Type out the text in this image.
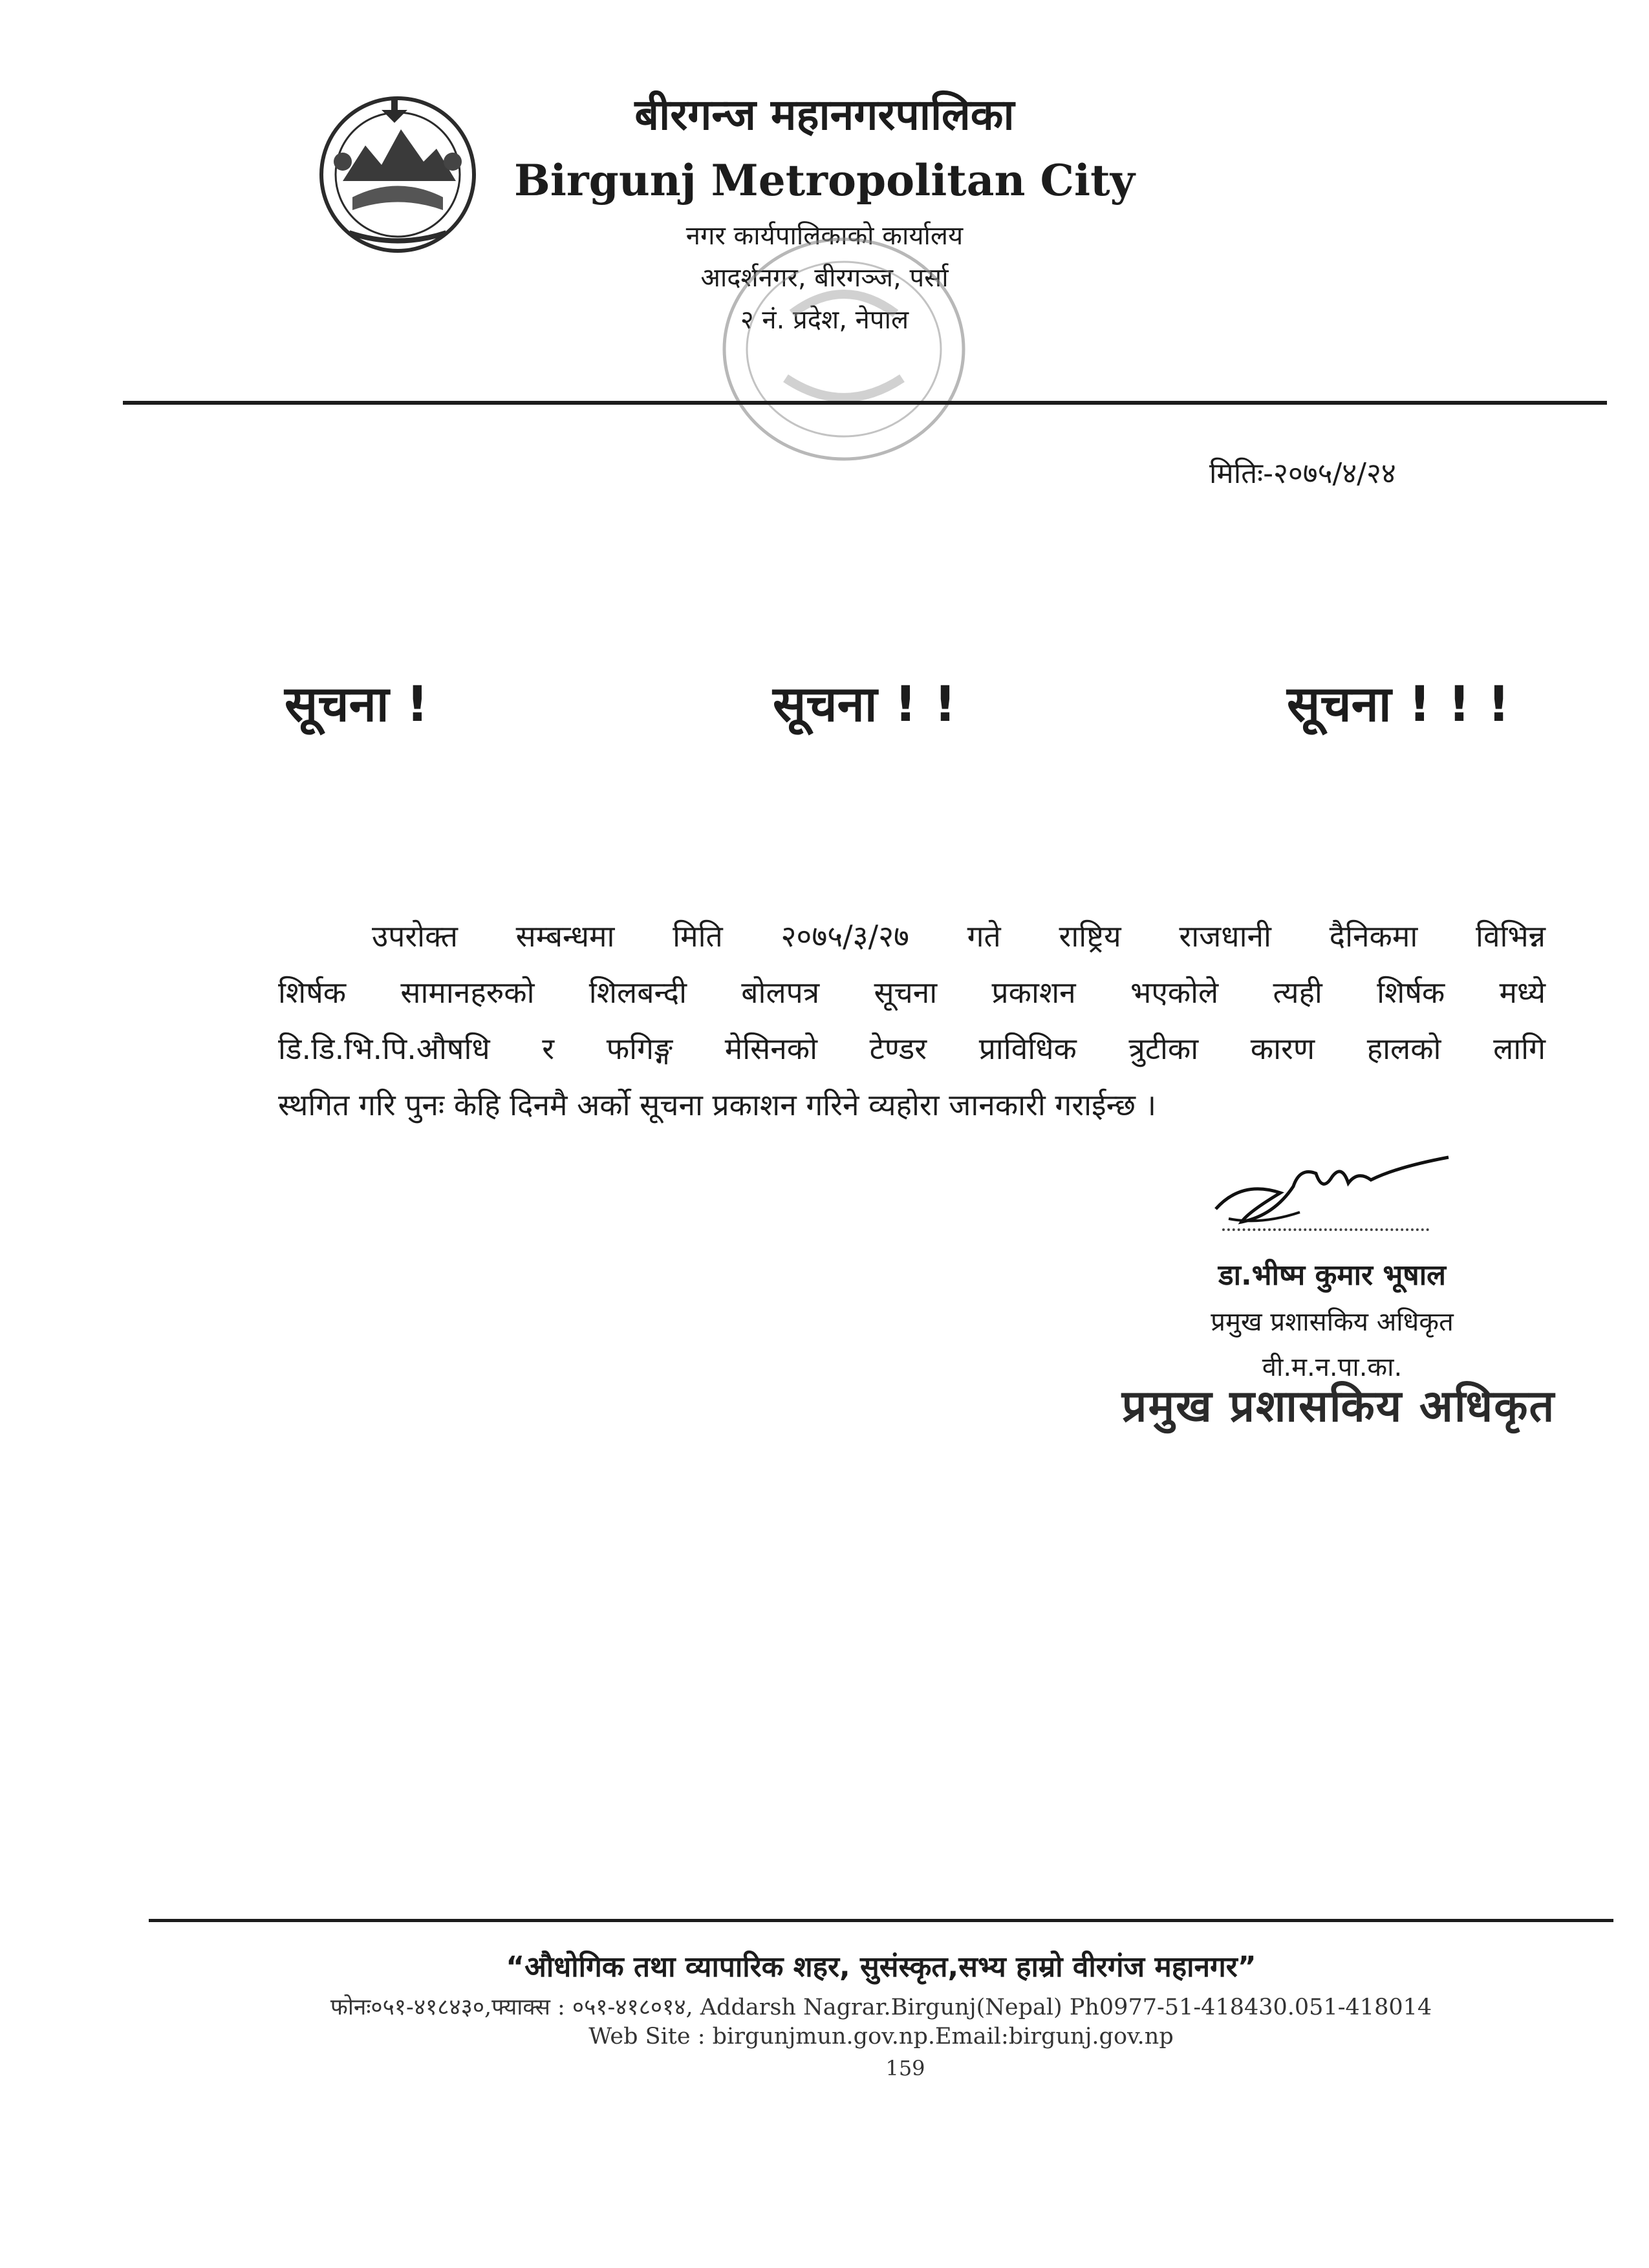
बीरगन्ज महानगरपालिका
Birgunj Metropolitan City
नगर कार्यपालिकाको कार्यालय
आदर्शनगर, बीरगञ्ज, पर्सा
२ नं. प्रदेश, नेपाल
मितिः-२०७५/४/२४
सूचना !	सूचना ! !	सूचना ! ! !
उपरोक्त सम्बन्धमा मिति २०७५/३/२७ गते राष्ट्रिय राजधानी दैनिकमा विभिन्न
शिर्षक सामानहरुको शिलबन्दी बोलपत्र सूचना प्रकाशन भएकोले त्यही शिर्षक मध्ये
डि.डि.भि.पि.औषधि र फगिङ्ग मेसिनको टेण्डर प्राविधिक त्रुटीका कारण हालको लागि
स्थगित गरि पुनः केहि दिनमै अर्को सूचना प्रकाशन गरिने व्यहोरा जानकारी गराईन्छ ।
डा.भीष्म कुमार भूषाल
प्रमुख प्रशासकिय अधिकृत
वी.म.न.पा.का.
प्रमुख प्रशासकिय अधिकृत
“औधोगिक तथा व्यापारिक शहर, सुसंस्कृत,सभ्य हाम्रो वीरगंज महानगर”
फोनः०५१-४१८४३०,फ्याक्स : ०५१-४१८०१४, Addarsh Nagrar.Birgunj(Nepal) Ph0977-51-418430.051-418014
Web Site : birgunjmun.gov.np.Email:birgunj.gov.np
159
